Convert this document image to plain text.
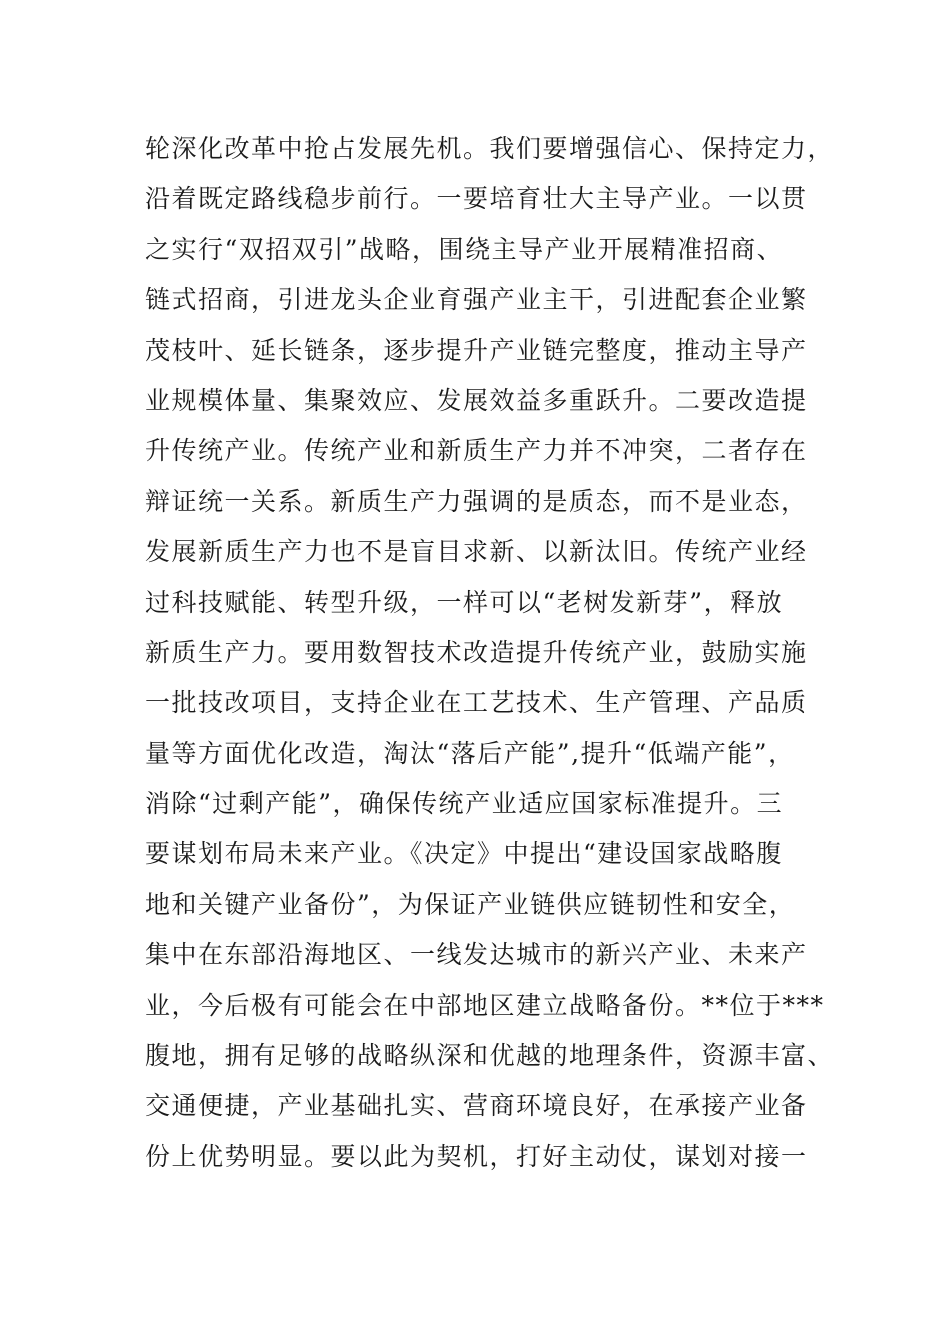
轮深化改革中抢占发展先机。我们要增强信心、保持定力，
沿着既定路线稳步前行。一要培育壮大主导产业。一以贯
之实行“双招双引”战略，围绕主导产业开展精准招商、
链式招商，引进龙头企业育强产业主干，引进配套企业繁
茂枝叶、延长链条，逐步提升产业链完整度，推动主导产
业规模体量、集聚效应、发展效益多重跃升。二要改造提
升传统产业。传统产业和新质生产力并不冲突，二者存在
辩证统一关系。新质生产力强调的是质态，而不是业态，
发展新质生产力也不是盲目求新、以新汰旧。传统产业经
过科技赋能、转型升级，一样可以“老树发新芽”，释放
新质生产力。要用数智技术改造提升传统产业，鼓励实施
一批技改项目，支持企业在工艺技术、生产管理、产品质
量等方面优化改造，淘汰“落后产能”,提升“低端产能”，
消除“过剩产能”，确保传统产业适应国家标准提升。三
要谋划布局未来产业。《决定》中提出“建设国家战略腹
地和关键产业备份”，为保证产业链供应链韧性和安全，
集中在东部沿海地区、一线发达城市的新兴产业、未来产
业，今后极有可能会在中部地区建立战略备份。**位于***
腹地，拥有足够的战略纵深和优越的地理条件，资源丰富、
交通便捷，产业基础扎实、营商环境良好，在承接产业备
份上优势明显。要以此为契机，打好主动仗，谋划对接一
